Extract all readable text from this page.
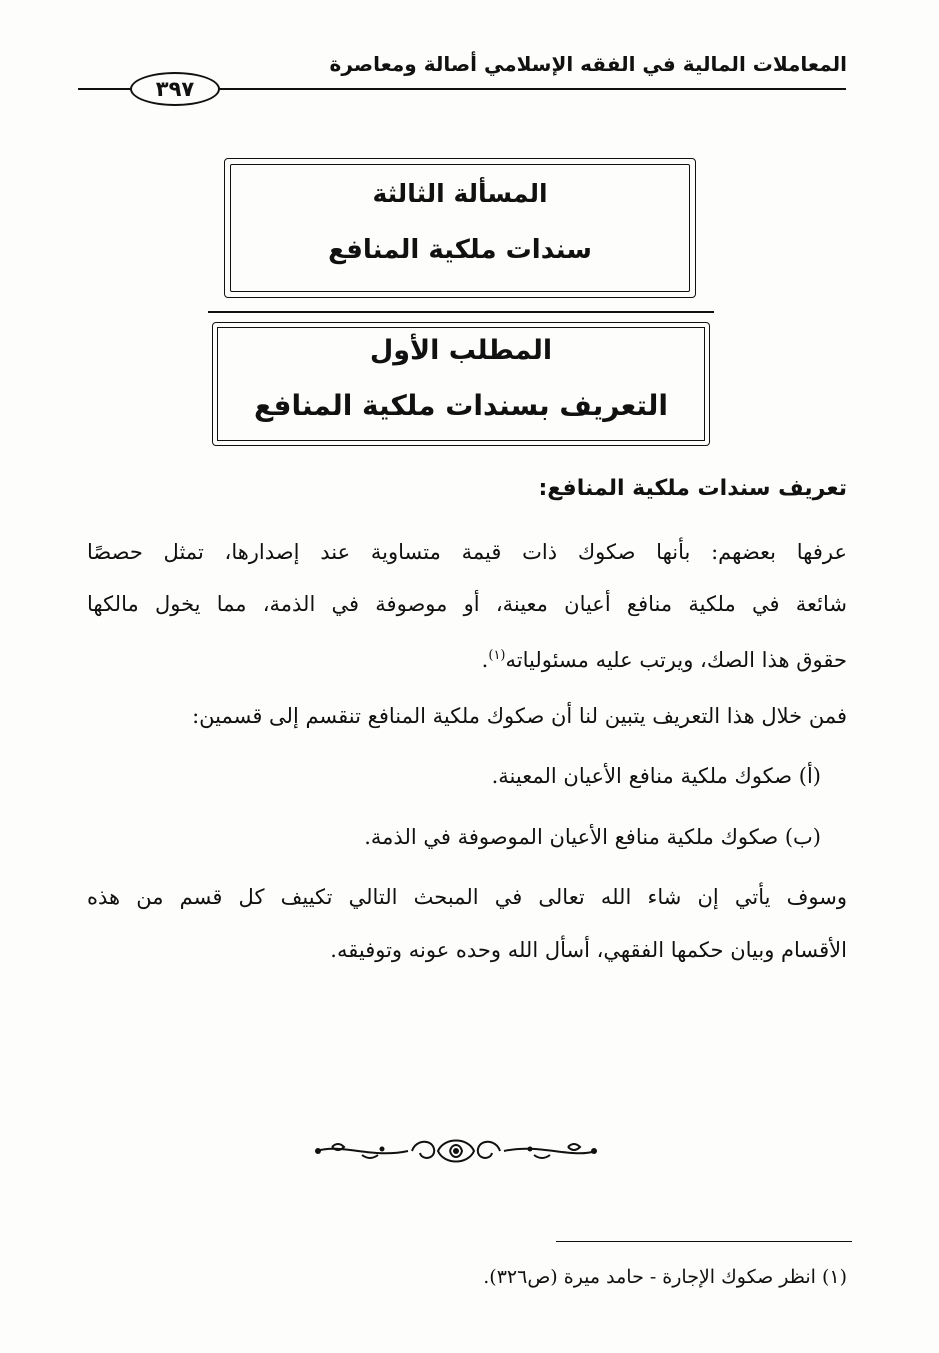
المعاملات المالية في الفقه الإسلامي أصالة ومعاصرة
٣٩٧
المسألة الثالثة
سندات ملكية المنافع
المطلب الأول
التعريف بسندات ملكية المنافع
تعريف سندات ملكية المنافع:
عرفها بعضهم: بأنها صكوك ذات قيمة متساوية عند إصدارها، تمثل حصصًا
شائعة في ملكية منافع أعيان معينة، أو موصوفة في الذمة، مما يخول مالكها
حقوق هذا الصك، ويرتب عليه مسئولياته$^{(١)}$.
فمن خلال هذا التعريف يتبين لنا أن صكوك ملكية المنافع تنقسم إلى قسمين:
(أ) صكوك ملكية منافع الأعيان المعينة.
(ب) صكوك ملكية منافع الأعيان الموصوفة في الذمة.
وسوف يأتي إن شاء الله تعالى في المبحث التالي تكييف كل قسم من هذه
الأقسام وبيان حكمها الفقهي، أسأل الله وحده عونه وتوفيقه.
(١) انظر صكوك الإجارة - حامد ميرة (ص٣٢٦).
